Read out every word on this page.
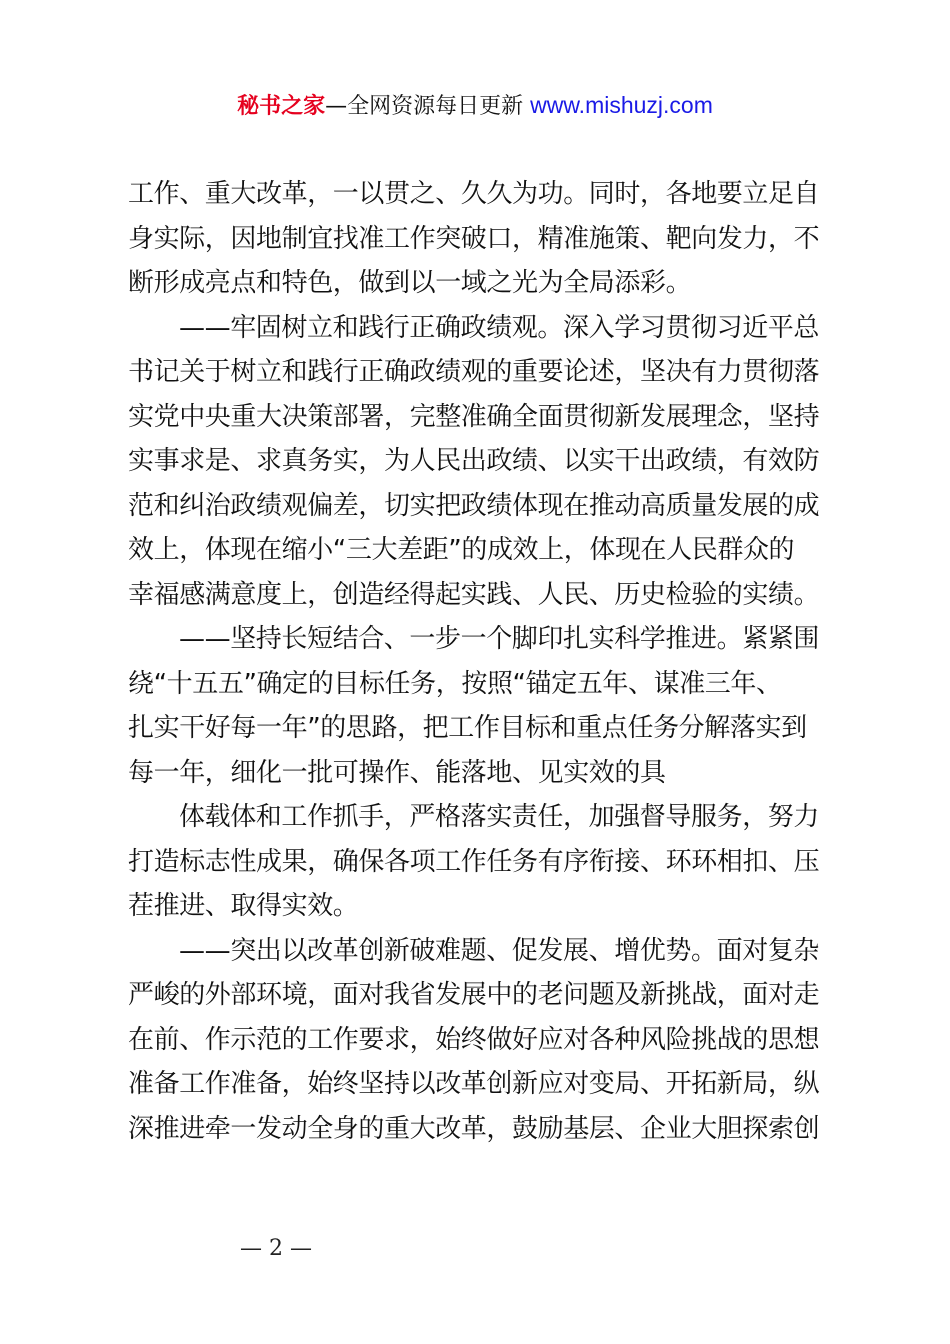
秘书之家—全网资源每日更新 www.mishuzj.com
工作、重大改革，一以贯之、久久为功。同时，各地要立足自
身实际，因地制宜找准工作突破口，精准施策、靶向发力，不
断形成亮点和特色，做到以一域之光为全局添彩。
——牢固树立和践行正确政绩观。深入学习贯彻习近平总
书记关于树立和践行正确政绩观的重要论述，坚决有力贯彻落
实党中央重大决策部署，完整准确全面贯彻新发展理念，坚持
实事求是、求真务实，为人民出政绩、以实干出政绩，有效防
范和纠治政绩观偏差，切实把政绩体现在推动高质量发展的成
效上，体现在缩小“三大差距”的成效上，体现在人民群众的
幸福感满意度上，创造经得起实践、人民、历史检验的实绩。
——坚持长短结合、一步一个脚印扎实科学推进。紧紧围
绕“十五五”确定的目标任务，按照“锚定五年、谋准三年、
扎实干好每一年”的思路，把工作目标和重点任务分解落实到
每一年，细化一批可操作、能落地、见实效的具
体载体和工作抓手，严格落实责任，加强督导服务，努力
打造标志性成果，确保各项工作任务有序衔接、环环相扣、压
茬推进、取得实效。
——突出以改革创新破难题、促发展、增优势。面对复杂
严峻的外部环境，面对我省发展中的老问题及新挑战，面对走
在前、作示范的工作要求，始终做好应对各种风险挑战的思想
准备工作准备，始终坚持以改革创新应对变局、开拓新局，纵
深推进牵一发动全身的重大改革，鼓励基层、企业大胆探索创
— 2 —
